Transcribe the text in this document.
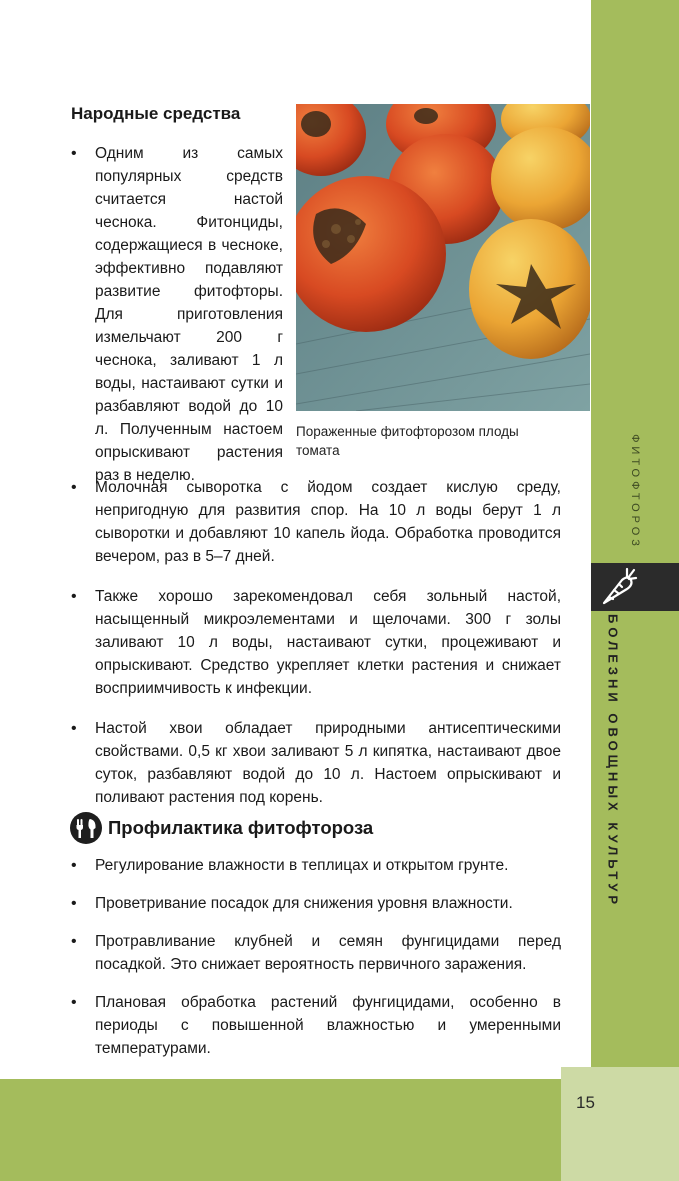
15
ФИТОФТОРОЗ
БОЛЕЗНИ ОВОЩНЫХ КУЛЬТУР
Народные средства
Пораженные фитофторозом плоды томата
• Одним из самых популярных средств считается настой чеснока. Фитонциды, содержащиеся в чесноке, эффективно подавляют развитие фитофторы. Для приготовления измельчают 200 г чеснока, заливают 1 л воды, настаивают сутки и разбавляют водой до 10 л. Полученным настоем опрыскивают растения раз в неделю.
• Молочная сыворотка с йодом создает кислую среду, непригодную для развития спор. На 10 л воды берут 1 л сыворотки и добавляют 10 капель йода. Обработка проводится вечером, раз в 5–7 дней.
• Также хорошо зарекомендовал себя зольный настой, насыщенный микроэлементами и щелочами. 300 г золы заливают 10 л воды, настаивают сутки, процеживают и опрыскивают. Средство укрепляет клетки растения и снижает восприимчивость к инфекции.
• Настой хвои обладает природными антисептическими свойствами. 0,5 кг хвои заливают 5 л кипятка, настаивают двое суток, разбавляют водой до 10 л. Настоем опрыскивают и поливают растения под корень.
Профилактика фитофтороза
• Регулирование влажности в теплицах и открытом грунте.
• Проветривание посадок для снижения уровня влажности.
• Протравливание клубней и семян фунгицидами перед посадкой. Это снижает вероятность первичного заражения.
• Плановая обработка растений фунгицидами, особенно в периоды с повышенной влажностью и умеренными температурами.
